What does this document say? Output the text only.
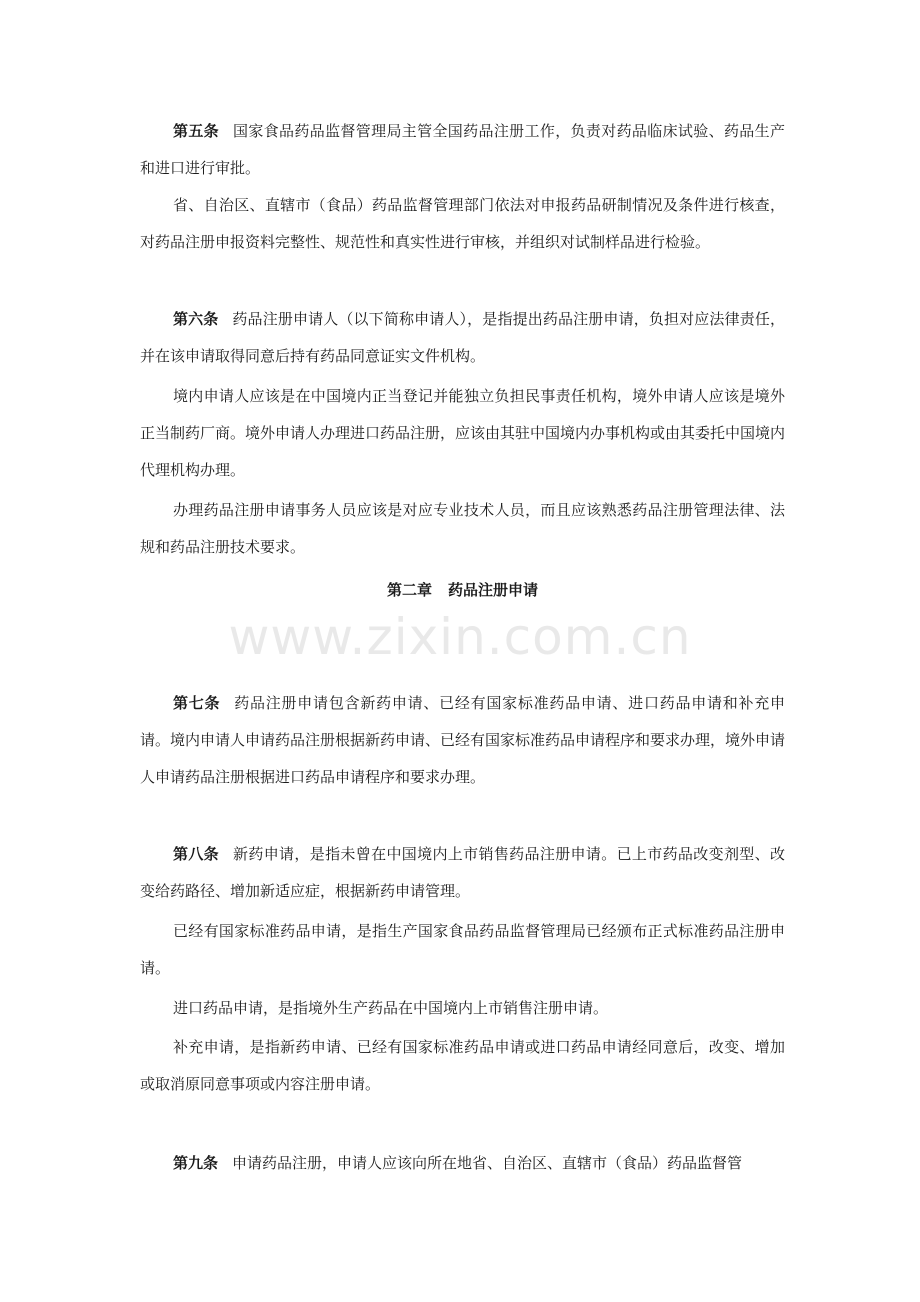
第五条 国家食品药品监督管理局主管全国药品注册工作，负责对药品临床试验、药品生产和进口进行审批。

省、自治区、直辖市（食品）药品监督管理部门依法对申报药品研制情况及条件进行核查，对药品注册申报资料完整性、规范性和真实性进行审核，并组织对试制样品进行检验。

第六条 药品注册申请人（以下简称申请人），是指提出药品注册申请，负担对应法律责任，并在该申请取得同意后持有药品同意证实文件机构。

境内申请人应该是在中国境内正当登记并能独立负担民事责任机构，境外申请人应该是境外正当制药厂商。境外申请人办理进口药品注册，应该由其驻中国境内办事机构或由其委托中国境内代理机构办理。

办理药品注册申请事务人员应该是对应专业技术人员，而且应该熟悉药品注册管理法律、法规和药品注册技术要求。

第二章 药品注册申请

www.zixin.com.cn

第七条 药品注册申请包含新药申请、已经有国家标准药品申请、进口药品申请和补充申请。境内申请人申请药品注册根据新药申请、已经有国家标准药品申请程序和要求办理，境外申请人申请药品注册根据进口药品申请程序和要求办理。

第八条 新药申请，是指未曾在中国境内上市销售药品注册申请。已上市药品改变剂型、改变给药路径、增加新适应症，根据新药申请管理。

已经有国家标准药品申请，是指生产国家食品药品监督管理局已经颁布正式标准药品注册申请。

进口药品申请，是指境外生产药品在中国境内上市销售注册申请。

补充申请，是指新药申请、已经有国家标准药品申请或进口药品申请经同意后，改变、增加或取消原同意事项或内容注册申请。

第九条 申请药品注册，申请人应该向所在地省、自治区、直辖市（食品）药品监督管
